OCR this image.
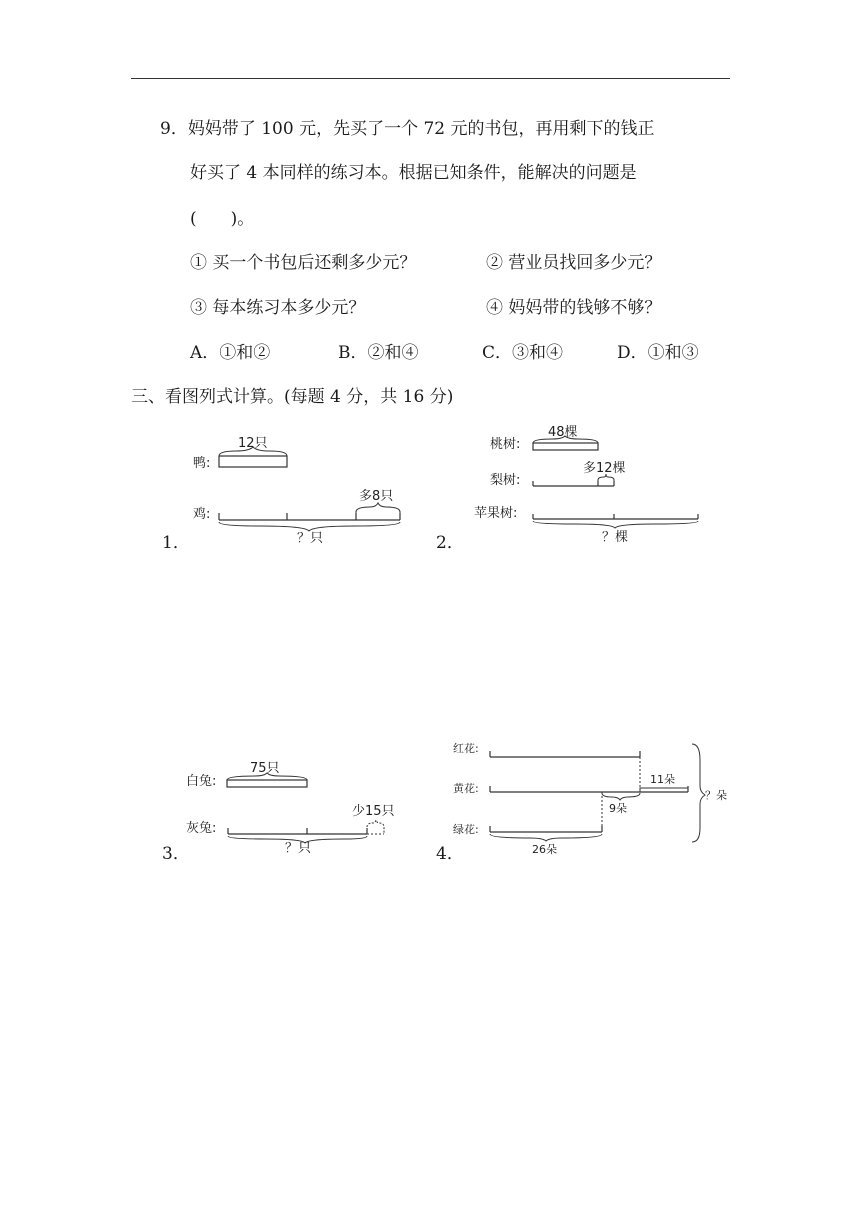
9．妈妈带了 100 元，先买了一个 72 元的书包，再用剩下的钱正
好买了 4 本同样的练习本。根据已知条件，能解决的问题是
(　　)。
① 买一个书包后还剩多少元？	② 营业员找回多少元？
③ 每本练习本多少元？	④ 妈妈带的钱够不够？
A．①和②	B．②和④	C．③和④	D．①和③
三、看图列式计算。(每题 4 分，共 16 分)
1．	2．
3．	4．
鸭:
12只
鸡:
多8只
？只
桃树:
48棵
梨树:
多12棵
苹果树:
？棵
白兔:
75只
灰兔:
少15只
？只
红花:
黄花:
11朵
9朵
绿花:
26朵
？朵
